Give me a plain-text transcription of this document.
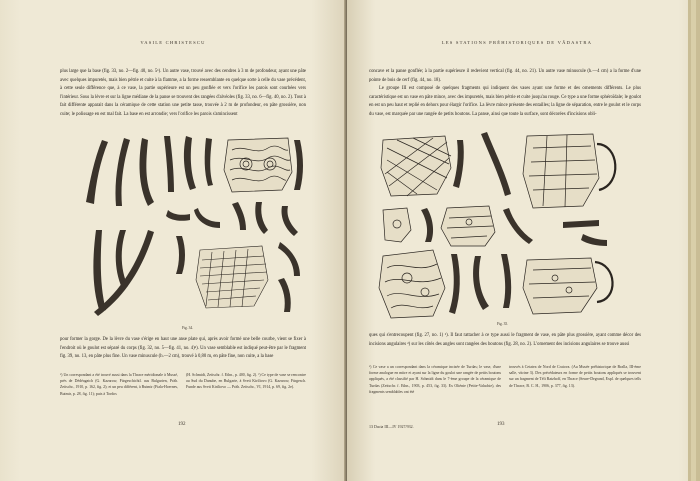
VASILE CHRISTESCU

plus large que la base (fig. 33, no. 2—fig. 40, no. 5¹). Un autre vase, trouvé avec des cendres à 3 m de profondeur, ayant une pâte avec quelques impuretés, mais bien pétrie et cuite à la flamme, a la forme ressemblante en quelque sorte à celle du vase précédent, à cette seule différence que, à ce vase, la partie supérieure est un peu gonflée et vers l'orifice les parois sont courbées vers l'intérieur. Sous la lèvre et sur la ligne médiane de la panse se trouvent des rangées d'alvéoles (fig. 33, no. 6—fig. 40, no. 2). Tout à fait différente apparait dans la céramique de cette station une petite tasse, trouvée à 2 m de profondeur, en pâte grossière, non cuite; le polissage en est mal fait. La base en est arrondie; vers l'orifice les parois s'amincissent

Fig. 34.

pour former la gorge. De la lèvre du vase s'érige en haut une anse plate qui, après avoir formé une belle courbe, vient se fixer à l'endroit où le goulot est séparé du corps (fig. 32, no. 5—fig. 41, no. 4)²). Un vase semblable est indiqué peut-être par le fragment fig. 39, no. 13, en pâte plus fine. Un vase minuscule (h.—2 cm), trouvé à 0,80 m, en pâte fine, non cuite, a la base

¹) Un correspondant a été trouvé aussi dans la Thrace méridionale à Mussé, près de Dédéagatch (G. Kazarow, Fürgeschichtl. aus Bulgarien, Präh. Zeitschr., 1910, p. 162, fig. 2); et un peu différent, à Butmir (Fiala-Hoernes, Butmir, p. 28, fig. 11); puis à Tordos

(H. Schmidt, Zeitschr. f. Ethn., p. 400, fig. 2). ²) Ce type de vase se rencontre au Sud du Danube, en Bulgarie, à Sveti Kiriliovo (G. Kazarow, Fürgesch. Funde aus Sveti Kiriliovo — Präh. Zeitschr., VI, 1914, p. 69, fig. 2e).

192
LES STATIONS PRÉHISTORIQUES DE VÂDASTRA

concave et la panse gonflée; à la partie supérieure il redevient vertical (fig. 44, no. 21). Un autre vase minuscule (h.—4 cm) a la forme d'une pointe de bois de cerf (fig. 44, no. 18).

Le groupe III est composé de quelques fragments qui indiquent des vases ayant une forme et des ornements différents. Le plus caractéristique est un vase en pâte mince, avec des impuretés, mais bien pétrie et cuite jusqu'au rouge. Ce type a une forme sphéroïdale; le goulot en est un peu haut et replié en dehors pour élargir l'orifice. La lèvre mince présente des entailles; la ligne de séparation, entre le goulot et le corps du vase, est marquée par une rangée de petits boutons. La panse, ainsi que toute la surface, sont décorées d'incisions obli-

Fig. 35.

ques qui s'entrecoupent (fig. 27, no. 1) ¹). Il faut rattacher à ce type aussi le fragment de vase, en pâte plus grossière, ayant comme décor des incisions angulaires ²) sur les côtés des angles sont rangées des boutons (fig. 28, no. 2). L'ornement des incisions angulaires se trouve aussi

¹) Ce vase a un correspondant dans la céramique incisée de Turdas; le vase, d'une forme analogue en mitre et ayant sur la ligne du goulot une rangée de petits boutons appliqués, a été classifié par H. Schmidt dans le 7-ème groupe de la céramique de Turdas (Zeitschr. f. Ethn., 1903, p. 453, fig. 33). Ex Olténie (Petite-Valachie), des fragments semblables ont été

trouvés à Cetatea de Nord de Craiova. (Au Musée préhistorique de Bralla, III-ème salle, vitrine 3). Des précédateurs en forme de petits boutons appliqués se trouvent sur un fragment de Téli Ratzhoff, en Thrace (Seure-Degrand, Expl. de quelques tells de Thrace, B. C. H., 1906, p. 377, fig. 13).

13 Dacia III—IV 1927/932.	193
